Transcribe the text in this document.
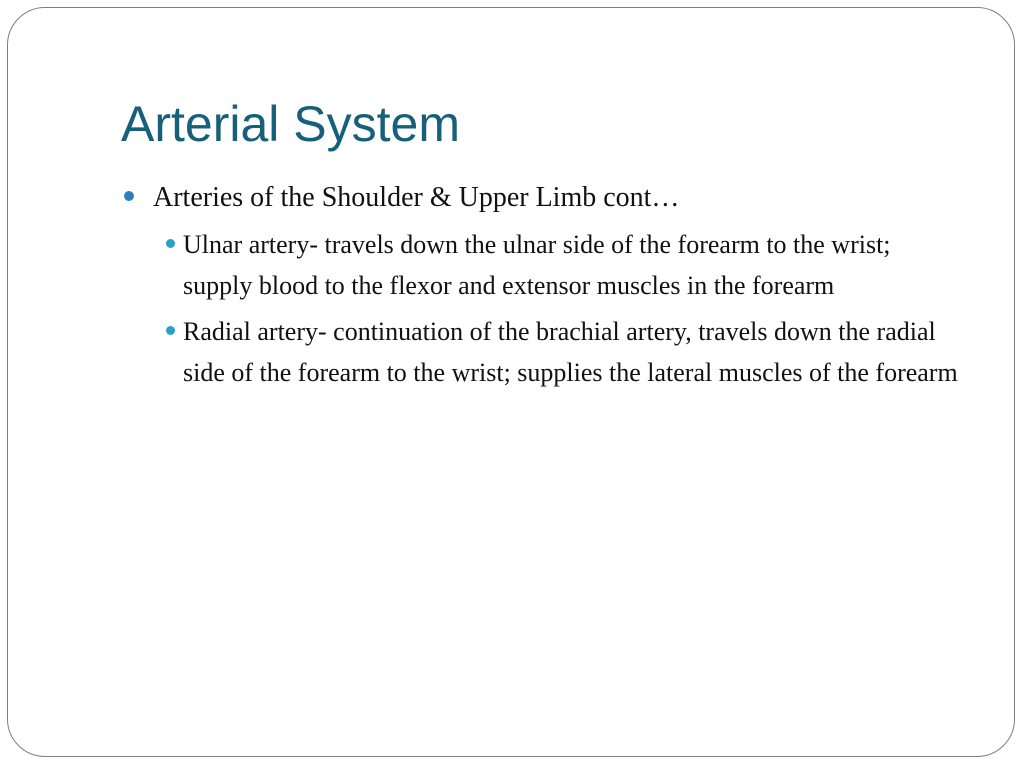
Arterial System
Arteries of the Shoulder & Upper Limb cont…
Ulnar artery- travels down the ulnar side of the forearm to the wrist; supply blood to the flexor and extensor muscles in the forearm
Radial artery- continuation of the brachial artery, travels down the radial side of the forearm to the wrist; supplies the lateral muscles of the forearm
